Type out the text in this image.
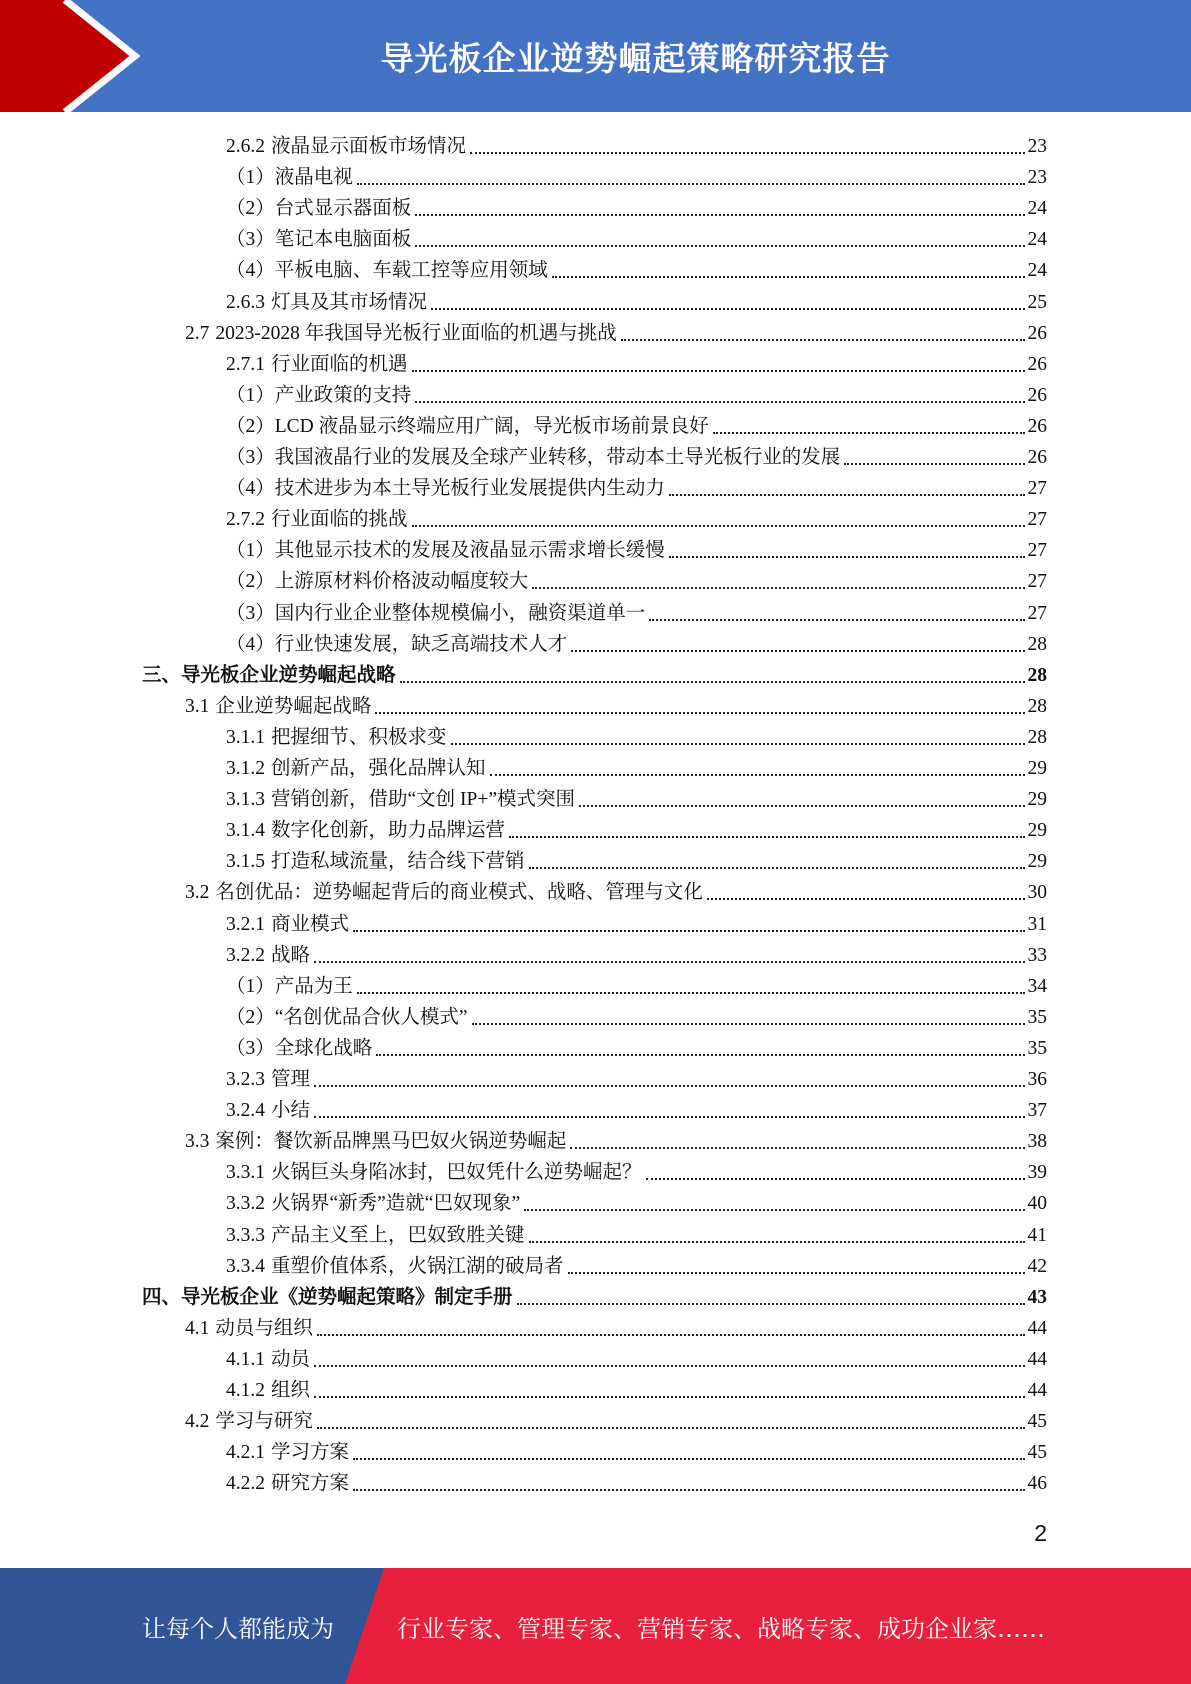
导光板企业逆势崛起策略研究报告
2.6.2 液晶显示面板市场情况	23
（1）液晶电视	23
（2）台式显示器面板	24
（3）笔记本电脑面板	24
（4）平板电脑、车载工控等应用领域	24
2.6.3 灯具及其市场情况	25
2.7 2023-2028 年我国导光板行业面临的机遇与挑战	26
2.7.1 行业面临的机遇	26
（1）产业政策的支持	26
（2）LCD 液晶显示终端应用广阔，导光板市场前景良好	26
（3）我国液晶行业的发展及全球产业转移，带动本土导光板行业的发展	26
（4）技术进步为本土导光板行业发展提供内生动力	27
2.7.2 行业面临的挑战	27
（1）其他显示技术的发展及液晶显示需求增长缓慢	27
（2）上游原材料价格波动幅度较大	27
（3）国内行业企业整体规模偏小，融资渠道单一	27
（4）行业快速发展，缺乏高端技术人才	28
三、导光板企业逆势崛起战略	28
3.1 企业逆势崛起战略	28
3.1.1 把握细节、积极求变	28
3.1.2 创新产品，强化品牌认知	29
3.1.3 营销创新，借助“文创 IP+”模式突围	29
3.1.4 数字化创新，助力品牌运营	29
3.1.5 打造私域流量，结合线下营销	29
3.2 名创优品：逆势崛起背后的商业模式、战略、管理与文化	30
3.2.1 商业模式	31
3.2.2 战略	33
（1）产品为王	34
（2）“名创优品合伙人模式”	35
（3）全球化战略	35
3.2.3 管理	36
3.2.4 小结	37
3.3 案例：餐饮新品牌黑马巴奴火锅逆势崛起	38
3.3.1 火锅巨头身陷冰封，巴奴凭什么逆势崛起？	39
3.3.2 火锅界“新秀”造就“巴奴现象”	40
3.3.3 产品主义至上，巴奴致胜关键	41
3.3.4 重塑价值体系，火锅江湖的破局者	42
四、导光板企业《逆势崛起策略》制定手册	43
4.1 动员与组织	44
4.1.1 动员	44
4.1.2 组织	44
4.2 学习与研究	45
4.2.1 学习方案	45
4.2.2 研究方案	46
2
让每个人都能成为	行业专家、管理专家、营销专家、战略专家、成功企业家……
